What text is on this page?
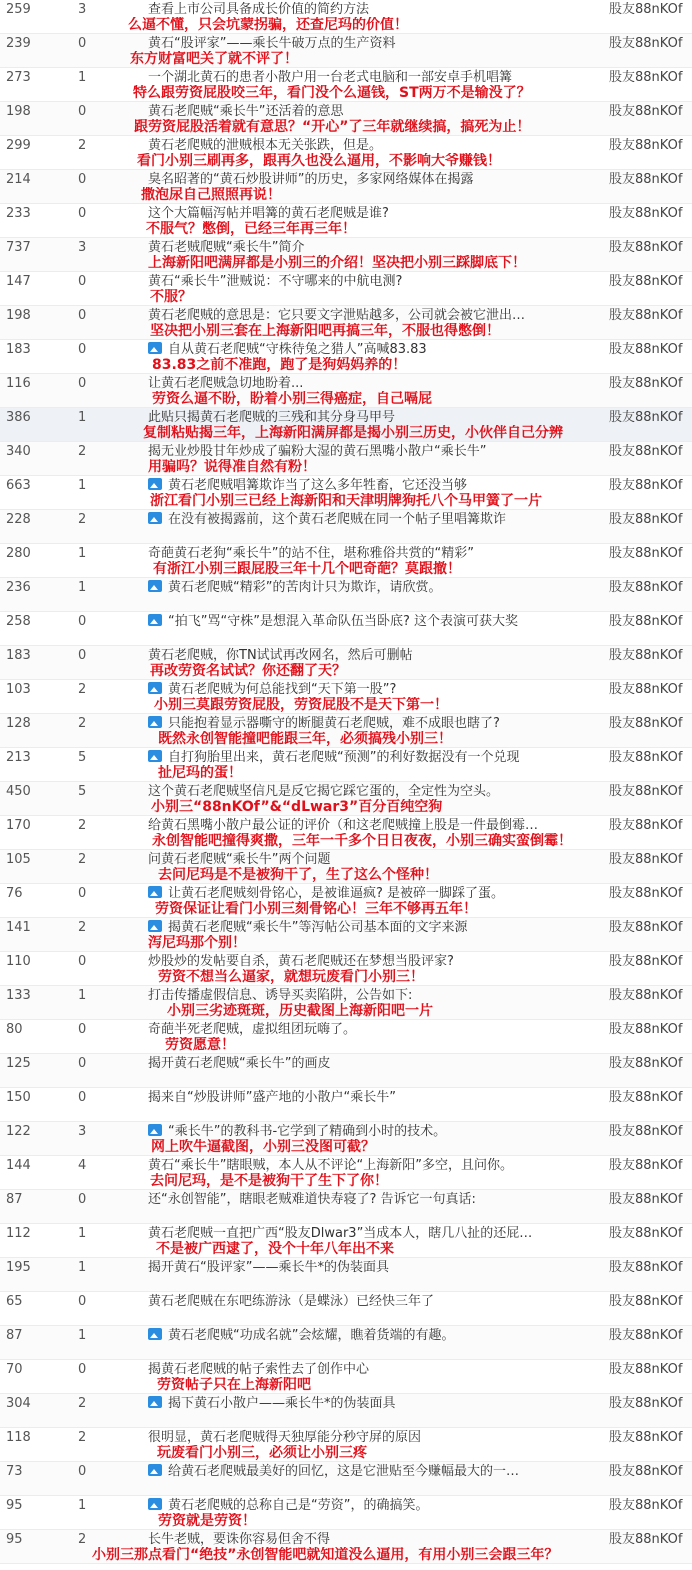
259	3	查看上市公司具备成长价值的简约方法	股友88nKOf
么逼不懂，只会坑蒙拐骗，还查尼玛的价值！
239	0	黄石“股评家”——乘长牛破万点的生产资料	股友88nKOf
东方财富吧关了就不评了！
273	1	一个湖北黄石的患者小散户用一台老式电脑和一部安卓手机唱篝	股友88nKOf
特么跟劳资屁股咬三年，看门没个么逼钱，ST两万不是输没了？
198	0	黄石老爬贼“乘长牛”还活着的意思	股友88nKOf
跟劳资屁股活着就有意思？“开心”了三年就继续搞，搞死为止！
299	2	黄石老爬贼的泄贼根本无关张跌，但是。	股友88nKOf
看门小别三刷再多，跟再久也没么逼用，不影响大爷赚钱！
214	0	臭名昭著的“黄石炒股讲师”的历史，多家网络媒体在揭露	股友88nKOf
撒泡尿自己照照再说！
233	0	这个大篇幅泻帖并唱篝的黄石老爬贼是谁?	股友88nKOf
不服气？憋倒，已经三年再三年！
737	3	黄石老贼爬贼“乘长牛”简介	股友88nKOf
上海新阳吧满屏都是小别三的介绍！坚决把小别三踩脚底下！
147	0	黄石“乘长牛”泄贼说：不守哪来的中航电测?	股友88nKOf
不服？
198	0	黄石老爬贼的意思是：它只要文字泄贴越多，公司就会被它泄出…	股友88nKOf
坚决把小别三套在上海新阳吧再搞三年，不服也得憋倒！
183	0	自从黄石老爬贼“守株待兔之猎人”高喊83.83	股友88nKOf
83.83之前不准跑，跑了是狗妈妈养的！
116	0	让黄石老爬贼急切地盼着...	股友88nKOf
劳资么逼不盼，盼着小别三得癌症，自己嗝屁
386	1	此贴只揭黄石老爬贼的三残和其分身马甲号	股友88nKOf
复制粘贴揭三年，上海新阳满屏都是揭小别三历史，小伙伴自己分辨
340	2	揭无业炒股甘年炒成了骗粉大湿的黄石黑嘴小散户“乘长牛”	股友88nKOf
用骗吗？说得准自然有粉！
663	1	黄石老爬贼唱篝欺诈当了这么多年牲畜，它还没当够	股友88nKOf
浙江看门小别三已经上海新阳和天津明牌狗托八个马甲簧了一片
228	2	在没有被揭露前，这个黄石老爬贼在同一个帖子里唱篝欺诈	股友88nKOf
280	1	奇葩黄石老狗“乘长牛”的站不住，堪称雅俗共赏的“精彩”	股友88nKOf
有浙江小别三跟屁股三年十几个吧奇葩？莫跟撤！
236	1	黄石老爬贼“精彩”的苦肉计只为欺诈，请欣赏。	股友88nKOf
258	0	“拍飞”骂“守株”是想混入革命队伍当卧底? 这个表演可获大奖	股友88nKOf
183	0	黄石老爬贼，你TN试试再改网名，然后可删帖	股友88nKOf
再改劳资名试试？你还翻了天？
103	2	黄石老爬贼为何总能找到“天下第一股”?	股友88nKOf
小别三莫跟劳资屁股，劳资屁股不是天下第一！
128	2	只能抱着显示器嘶守的断腿黄石老爬贼，难不成眼也瞎了?	股友88nKOf
既然永创智能撞吧能跟三年，必须搞残小别三！
213	5	自打狗胎里出来，黄石老爬贼“预测”的利好数据没有一个兑现	股友88nKOf
扯尼玛的蛋！
450	5	这个黄石老爬贼坚信凡是反它揭它踩它蛋的，全定性为空头。	股友88nKOf
小别三“88nKOf”&“dLwar3”百分百纯空狗
170	2	给黄石黑嘴小散户最公证的评价（和这老爬贼撞上股是一件最倒霉…	股友88nKOf
永创智能吧撞得爽撒，三年一千多个日日夜夜，小别三确实蛮倒霉！
105	2	问黄石老爬贼“乘长牛”两个问题	股友88nKOf
去问尼玛是不是被狗干了，生了这么个怪种！
76	0	让黄石老爬贼刻骨铭心，是被谁逼疯? 是被碎一脚踩了蛋。	股友88nKOf
劳资保证让看门小别三刻骨铭心！三年不够再五年！
141	2	揭黄石老爬贼“乘长牛”等泻帖公司基本面的文字来源	股友88nKOf
泻尼玛那个别！
110	0	炒股炒的发帖要自杀，黄石老爬贼还在梦想当股评家?	股友88nKOf
劳资不想当么逼家，就想玩废看门小别三！
133	1	打击传播虚假信息、诱导买卖陷阱，公告如下:	股友88nKOf
小别三劣迹斑斑，历史截图上海新阳吧一片
80	0	奇葩半死老爬贼，虚拟组团玩嗨了。	股友88nKOf
劳资愿意！
125	0	揭开黄石老爬贼“乘长牛”的画皮	股友88nKOf
150	0	揭来自“炒股讲师”盛产地的小散户“乘长牛”	股友88nKOf
122	3	“乘长牛”的教科书-它学到了精确到小时的技术。	股友88nKOf
网上吹牛逼截图，小别三没图可截？
144	4	黄石“乘长牛”瞎眼贼，本人从不评论“上海新阳”多空，且问你。	股友88nKOf
去问尼玛，是不是被狗干了生下了你！
87	0	还“永创智能”，瞎眼老贼难道快寿寝了? 告诉它一句真话:	股友88nKOf
112	1	黄石老爬贼一直把广西“股友Dlwar3”当成本人，瞎几八扯的还屁…	股友88nKOf
不是被广西逮了，没个十年八年出不来
195	1	揭开黄石“股评家”——乘长牛*的伪装面具	股友88nKOf
65	0	黄石老爬贼在东吧练游泳（是蝶泳）已经快三年了	股友88nKOf
87	1	黄石老爬贼“功成名就”会炫耀，瞧着货端的有趣。	股友88nKOf
70	0	揭黄石老爬贼的帖子索性去了创作中心	股友88nKOf
劳资帖子只在上海新阳吧
304	2	揭下黄石小散户——乘长牛*的伪装面具	股友88nKOf
118	2	很明显，黄石老爬贼得天独厚能分秒守屏的原因	股友88nKOf
玩废看门小别三，必须让小别三疼
73	0	给黄石老爬贼最美好的回忆，这是它泄贴至今赚幅最大的一…	股友88nKOf
95	1	黄石老爬贼的总称自己是“劳资”，的确搞笑。	股友88nKOf
劳资就是劳资！
95	2	长牛老贼，要诛你容易但舍不得	股友88nKOf
小别三那点看门“绝技”永创智能吧就知道没么逼用，有用小别三会跟三年？
